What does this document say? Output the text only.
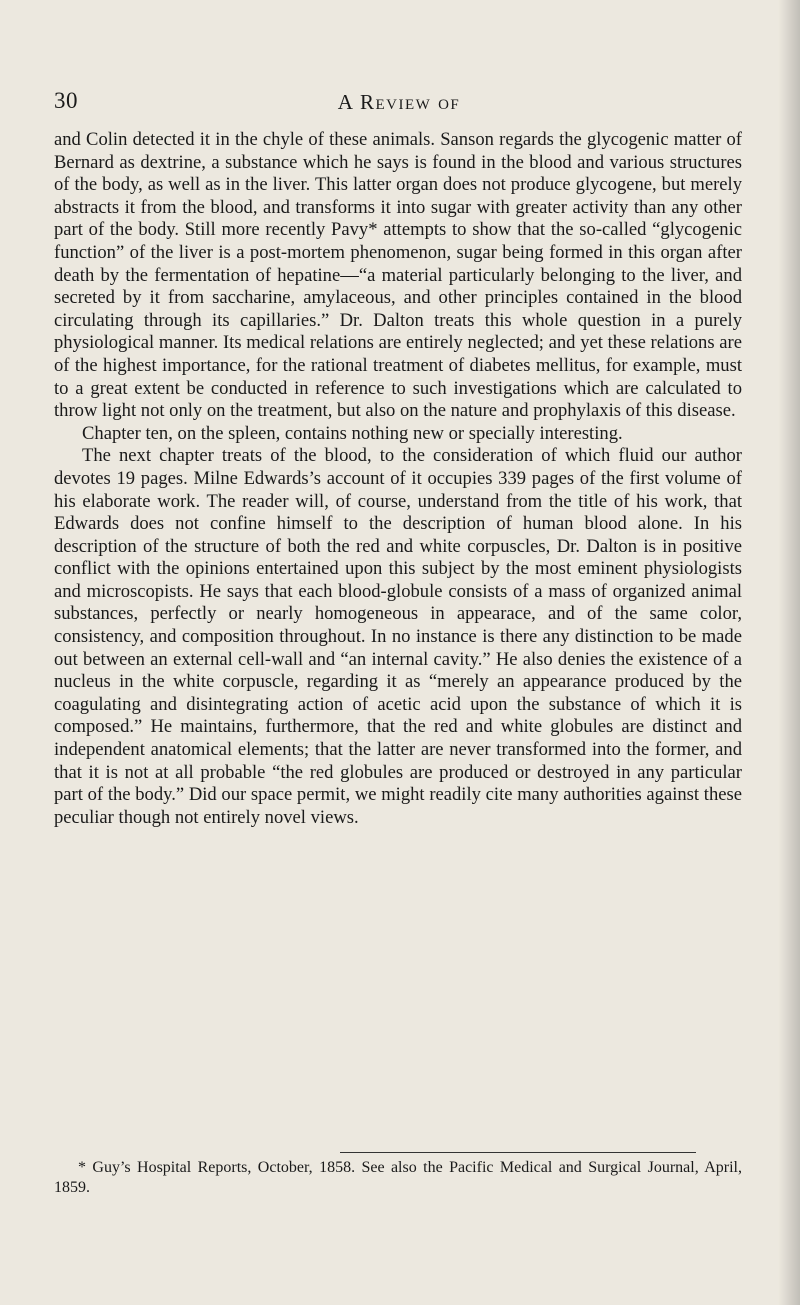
30	A Review of

and Colin detected it in the chyle of these animals. Sanson regards the glycogenic matter of Bernard as dextrine, a substance which he says is found in the blood and various structures of the body, as well as in the liver. This latter organ does not produce glycogene, but merely abstracts it from the blood, and transforms it into sugar with greater activity than any other part of the body. Still more recently Pavy* attempts to show that the so-called “glycogenic function” of the liver is a post-mortem phenomenon, sugar being formed in this organ after death by the fermentation of hepatine—“a material particularly belonging to the liver, and secreted by it from saccharine, amylaceous, and other principles contained in the blood circulating through its capillaries.” Dr. Dalton treats this whole question in a purely physiological manner. Its medical relations are entirely neglected; and yet these relations are of the highest importance, for the rational treatment of diabetes mellitus, for example, must to a great extent be conducted in reference to such investigations which are calculated to throw light not only on the treatment, but also on the nature and prophylaxis of this disease.

Chapter ten, on the spleen, contains nothing new or specially interesting.

The next chapter treats of the blood, to the consideration of which fluid our author devotes 19 pages. Milne Edwards’s account of it occupies 339 pages of the first volume of his elaborate work. The reader will, of course, understand from the title of his work, that Edwards does not confine himself to the description of human blood alone. In his description of the structure of both the red and white corpuscles, Dr. Dalton is in positive conflict with the opinions entertained upon this subject by the most eminent physiologists and microscopists. He says that each blood-globule consists of a mass of organized animal substances, perfectly or nearly homogeneous in appearace, and of the same color, consistency, and composition throughout. In no instance is there any distinction to be made out between an external cell-wall and “an internal cavity.” He also denies the existence of a nucleus in the white corpuscle, regarding it as “merely an appearance produced by the coagulating and disintegrating action of acetic acid upon the substance of which it is composed.” He maintains, furthermore, that the red and white globules are distinct and independent anatomical elements; that the latter are never transformed into the former, and that it is not at all probable “the red globules are produced or destroyed in any particular part of the body.” Did our space permit, we might readily cite many authorities against these peculiar though not entirely novel views.

* Guy’s Hospital Reports, October, 1858. See also the Pacific Medical and Surgical Journal, April, 1859.
